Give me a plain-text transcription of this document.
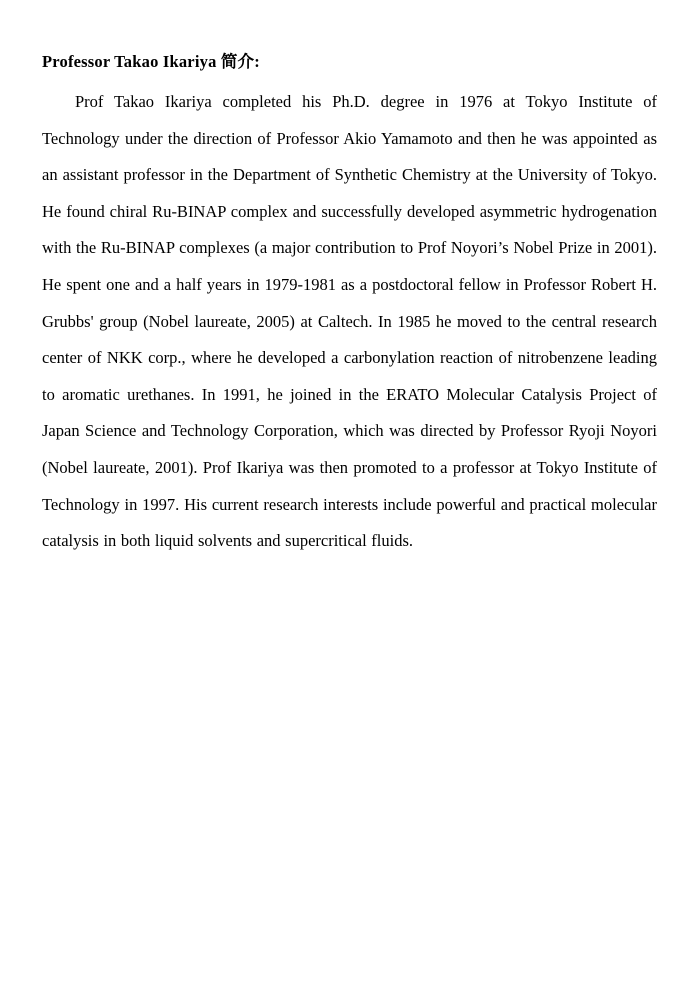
Professor Takao Ikariya 简介:

Prof Takao Ikariya completed his Ph.D. degree in 1976 at Tokyo Institute of Technology under the direction of Professor Akio Yamamoto and then he was appointed as an assistant professor in the Department of Synthetic Chemistry at the University of Tokyo. He found chiral Ru-BINAP complex and successfully developed asymmetric hydrogenation with the Ru-BINAP complexes (a major contribution to Prof Noyori’s Nobel Prize in 2001). He spent one and a half years in 1979-1981 as a postdoctoral fellow in Professor Robert H. Grubbs' group (Nobel laureate, 2005) at Caltech. In 1985 he moved to the central research center of NKK corp., where he developed a carbonylation reaction of nitrobenzene leading to aromatic urethanes. In 1991, he joined in the ERATO Molecular Catalysis Project of Japan Science and Technology Corporation, which was directed by Professor Ryoji Noyori (Nobel laureate, 2001). Prof Ikariya was then promoted to a professor at Tokyo Institute of Technology in 1997. His current research interests include powerful and practical molecular catalysis in both liquid solvents and supercritical fluids.
